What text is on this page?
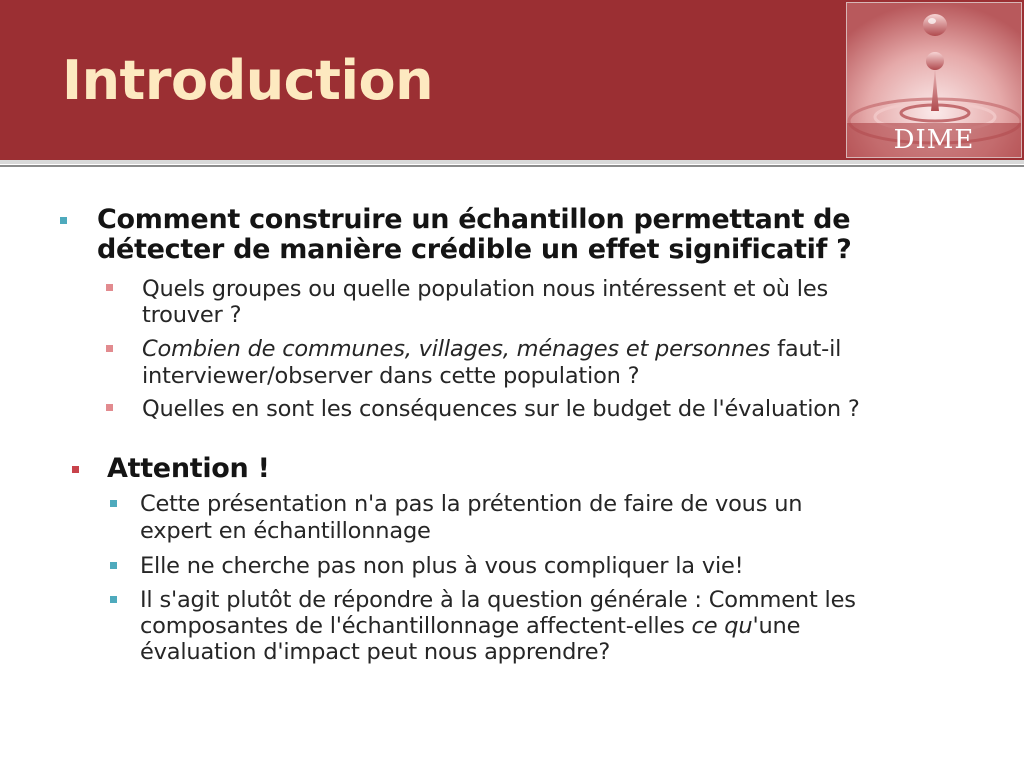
Introduction
DIME
Comment construire un échantillon permettant de
détecter de manière crédible un effet significatif ?
Quels groupes ou quelle population nous intéressent et où les
trouver ?
Combien de communes, villages, ménages et personnes faut-il
interviewer/observer dans cette population ?
Quelles en sont les conséquences sur le budget de l'évaluation ?
Attention !
Cette présentation n'a pas la prétention de faire de vous un
expert en échantillonnage
Elle ne cherche pas non plus à vous compliquer la vie!
Il s'agit plutôt de répondre à la question générale : Comment les
composantes de l'échantillonnage affectent-elles ce qu'une
évaluation d'impact peut nous apprendre?
